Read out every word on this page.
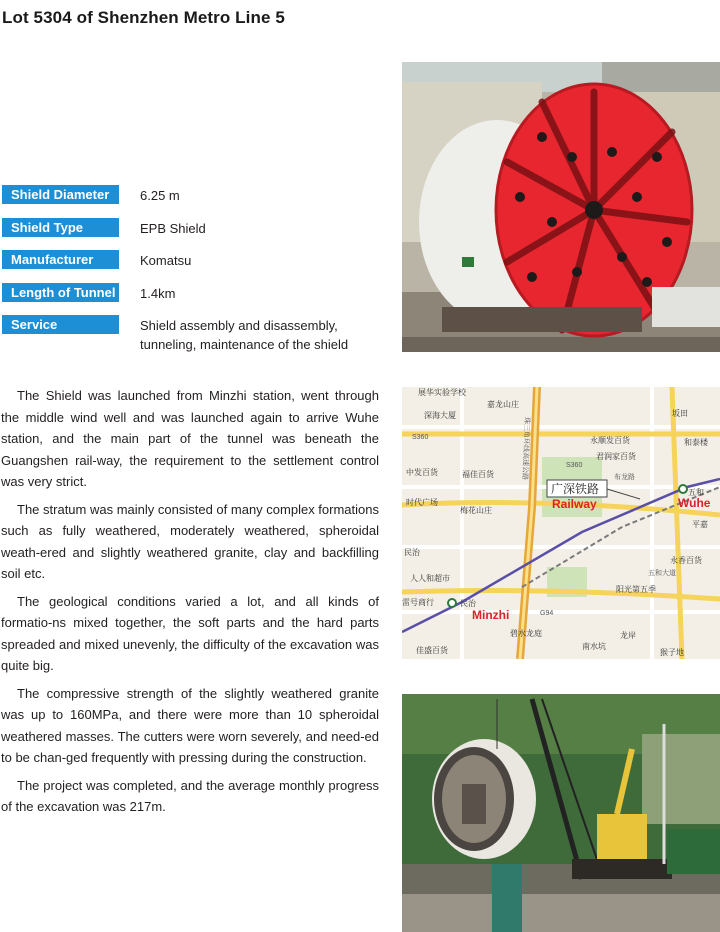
Lot 5304 of Shenzhen Metro Line 5
Shield Diameter	6.25 m
Shield Type	EPB Shield
Manufacturer	Komatsu
Length of Tunnel 1.4km
Service	Shield assembly and disassembly, tunneling, maintenance of the shield

The Shield was launched from Minzhi station, went through the middle wind well and was launched again to arrive Wuhe station, and the main part of the tunnel was beneath the Guangshen rail-way, the requirement to the settlement control was very strict.

The stratum was mainly consisted of many complex formations such as fully weathered, moderately weathered, spheroidal weath-ered and slightly weathered granite, clay and backfilling soil etc.

The geological conditions varied a lot, and all kinds of formatio-ns mixed together, the soft parts and the hard parts spreaded and mixed unevenly, the difficulty of the excavation was quite big.

The compressive strength of the slightly weathered granite was up to 160MPa, and there were more than 10 spheroidal weathered masses. The cutters were worn severely, and need-ed to be chan-ged frequently with pressing during the construction.

The project was completed, and the average monthly progress of the excavation was 217m.

广深铁路
Railway	Wuhe
Minzhi
展华实验学校
嘉龙山庄
深海大厦	坂田
永顺发百货	和泰楼
中发百货	福佳百货
君润家百货
时代广场
梅花山庄
五和
平嘉
民治
永香百货
人人和超市
阳光第五季
雷号商行	民治
碧水龙庭	龙岸
佳盛百货	南水坑
猴子地
S360
S360
G94
布龙路
五和大道
珠三角环线高速公路
